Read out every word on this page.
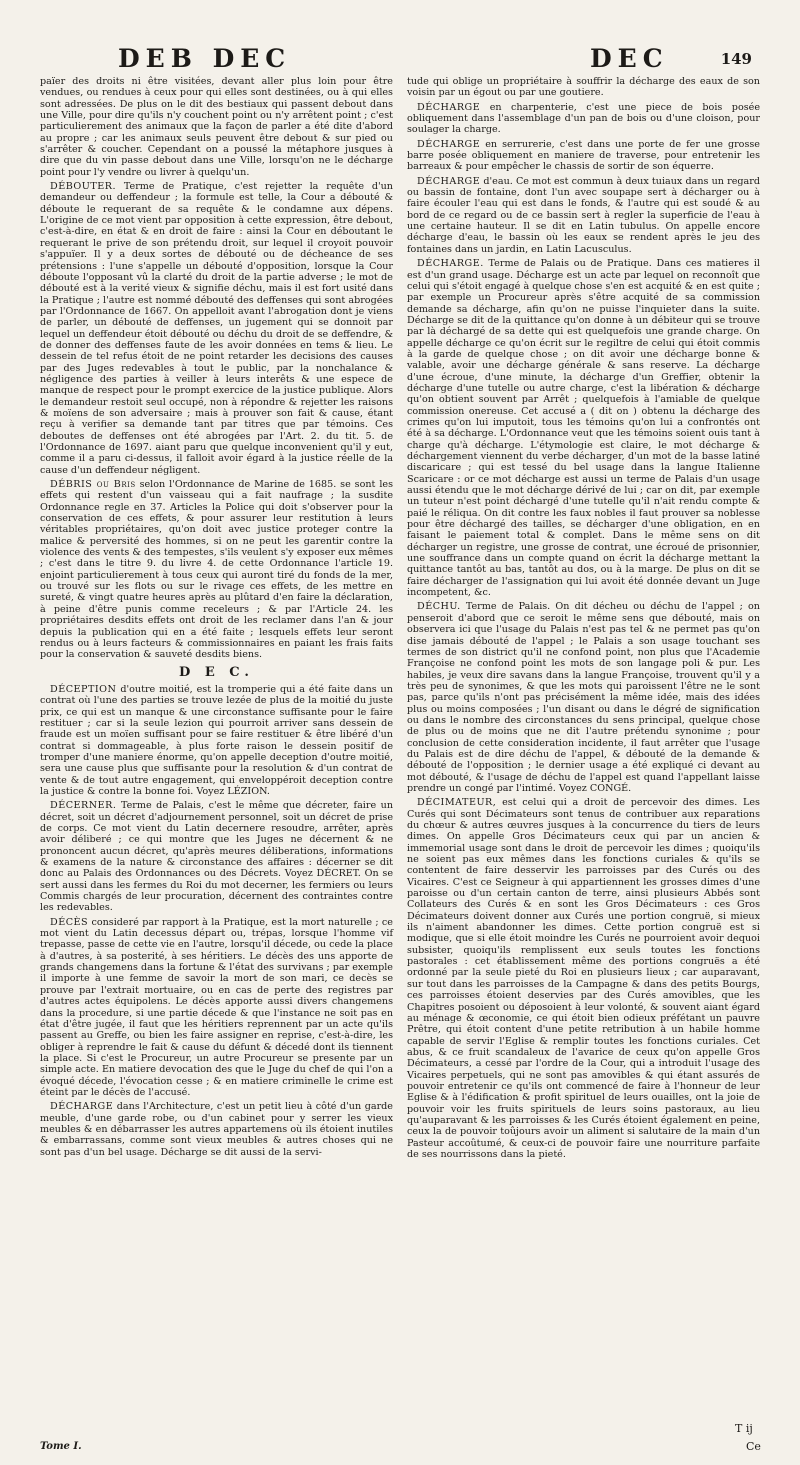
DEB DEC	DEC	149

païer des droits ni être visitées, devant aller plus loin pour être vendues, ou rendues à ceux pour qui elles sont destinées, ou à qui elles sont adressées. De plus on le dit des bestiaux qui passent debout dans une Ville, pour dire qu'ils n'y couchent point ou n'y arrêtent point ; c'est particulierement des animaux que la façon de parler a été dite d'abord au propre ; car les animaux seuls peuvent être debout & sur pied ou s'arrêter & coucher. Cependant on a poussé la métaphore jusques à dire que du vin passe debout dans une Ville, lorsqu'on ne le décharge point pour l'y vendre ou livrer à quelqu'un.

DÉBOUTER. Terme de Pratique, c'est rejetter la requête d'un demandeur ou deffendeur ; la formule est telle, la Cour a débouté & déboute le requerant de sa requête & le condamne aux dépens. L'origine de ce mot vient par opposition à cette expression, être debout, c'est-à-dire, en état & en droit de faire : ainsi la Cour en déboutant le requerant le prive de son prétendu droit, sur lequel il croyoit pouvoir s'appuïer. Il y a deux sortes de débouté ou de décheance de ses prétensions : l'une s'appelle un débouté d'opposition, lorsque la Cour déboute l'opposant vû la clarté du droit de la partie adverse ; le mot de débouté est à la verité vieux & signifie déchu, mais il est fort usité dans la Pratique ; l'autre est nommé débouté des deffenses qui sont abrogées par l'Ordonnance de 1667. On appelloit avant l'abrogation dont je viens de parler, un débouté de deffenses, un jugement qui se donnoit par lequel un deffendeur étoit débouté ou déchu du droit de se deffendre, & de donner des deffenses faute de les avoir données en tems & lieu. Le dessein de tel refus étoit de ne point retarder les decisions des causes par des Juges redevables à tout le public, par la nonchalance & négligence des parties à veiller à leurs interêts & une espece de manque de respect pour le prompt exercice de la justice publique. Alors le demandeur restoit seul occupé, non à répondre & rejetter les raisons & moïens de son adversaire ; mais à prouver son fait & cause, étant reçu à verifier sa demande tant par titres que par témoins. Ces deboutes de deffenses ont été abrogées par l'Art. 2. du tit. 5. de l'Ordonnance de 1697. aiant paru que quelque inconvenient qu'il y eut, comme il a paru ci-dessus, il falloit avoir égard à la justice réelle de la cause d'un deffendeur négligent.

DÉBRIS ou Bris selon l'Ordonnance de Marine de 1685. se sont les effets qui restent d'un vaisseau qui a fait naufrage ; la susdite Ordonnance regle en 37. Articles la Police qui doit s'observer pour la conservation de ces effets, & pour assurer leur restitution à leurs véritables propriétaires, qu'on doit avec justice proteger contre la malice & perversité des hommes, si on ne peut les garentir contre la violence des vents & des tempestes, s'ils veulent s'y exposer eux mêmes ; c'est dans le titre 9. du livre 4. de cette Ordonnance l'article 19. enjoint particulierement à tous ceux qui auront tiré du fonds de la mer, ou trouvé sur les flots ou sur le rivage ces effets, de les mettre en sureté, & vingt quatre heures après au plûtard d'en faire la déclaration, à peine d'être punis comme receleurs ; & par l'Article 24. les propriétaires desdits effets ont droit de les reclamer dans l'an & jour depuis la publication qui en a été faite ; lesquels effets leur seront rendus ou à leurs facteurs & commissionnaires en paiant les frais faits pour la conservation & sauveté desdits biens.

D E C.

DÉCEPTION d'outre moitié, est la tromperie qui a été faite dans un contrat où l'une des parties se trouve lezée de plus de la moitié du juste prix, ce qui est un manque & une circonstance suffisante pour le faire restituer ; car si la seule lezion qui pourroit arriver sans dessein de fraude est un moïen suffisant pour se faire restituer & être libéré d'un contrat si dommageable, à plus forte raison le dessein positif de tromper d'une maniere énorme, qu'on appelle deception d'outre moitié, sera une cause plus que suffisante pour la resolution & d'un contrat de vente & de tout autre engagement, qui enveloppéroit deception contre la justice & contre la bonne foi. Voyez LÉZION.

DÉCERNER. Terme de Palais, c'est le même que décreter, faire un décret, soit un décret d'adjournement personnel, soit un décret de prise de corps. Ce mot vient du Latin decernere resoudre, arrêter, après avoir déliberé ; ce qui montre que les Juges ne décernent & ne prononcent aucun décret, qu'après meures déliberations, informations & examens de la nature & circonstance des affaires : décerner se dit donc au Palais des Ordonnances ou des Décrets. Voyez DÉCRET. On se sert aussi dans les fermes du Roi du mot decerner, les fermiers ou leurs Commis chargés de leur procuration, décernent des contraintes contre les redevables.

DÉCÈS consideré par rapport à la Pratique, est la mort naturelle ; ce mot vient du Latin decessus départ ou, trépas, lorsque l'homme vif trepasse, passe de cette vie en l'autre, lorsqu'il décede, ou cede la place à d'autres, à sa posterité, à ses héritiers. Le décès des uns apporte de grands changemens dans la fortune & l'état des survivans ; par exemple il importe à une femme de savoir la mort de son mari, ce decès se prouve par l'extrait mortuaire, ou en cas de perte des registres par d'autres actes équipolens. Le décès apporte aussi divers changemens dans la procedure, si une partie décede & que l'instance ne soit pas en état d'être jugée, il faut que les héritiers reprennent par un acte qu'ils passent au Greffe, ou bien les faire assigner en reprise, c'est-à-dire, les obliger à reprendre le fait & cause du défunt & décedé dont ils tiennent la place. Si c'est le Procureur, un autre Procureur se presente par un simple acte. En matiere devocation des que le Juge du chef de qui l'on a évoqué décede, l'évocation cesse ; & en matiere criminelle le crime est éteint par le décès de l'accusé.

DÉCHARGE dans l'Architecture, c'est un petit lieu à côté d'un garde meuble, d'une garde robe, ou d'un cabinet pour y serrer les vieux meubles & en débarrasser les autres appartemens où ils étoient inutiles & embarrassans, comme sont vieux meubles & autres choses qui ne sont pas d'un bel usage. Décharge se dit aussi de la servi-

tude qui oblige un propriétaire à souffrir la décharge des eaux de son voisin par un égout ou par une goutiere.

DÉCHARGE en charpenterie, c'est une piece de bois posée obliquement dans l'assemblage d'un pan de bois ou d'une cloison, pour soulager la charge.

DÉCHARGE en serrurerie, c'est dans une porte de fer une grosse barre posée obliquement en maniere de traverse, pour entretenir les barreaux & pour empêcher le chassis de sortir de son équerre.

DÉCHARGE d'eau. Ce mot est commun à deux tuiaux dans un regard ou bassin de fontaine, dont l'un avec soupape sert à décharger ou à faire écouler l'eau qui est dans le fonds, & l'autre qui est soudé & au bord de ce regard ou de ce bassin sert à regler la superficie de l'eau à une certaine hauteur. Il se dit en Latin tubulus. On appelle encore décharge d'eau, le bassin où les eaux se rendent après le jeu des fontaines dans un jardin, en Latin Lacusculus.

DÉCHARGE. Terme de Palais ou de Pratique. Dans ces matieres il est d'un grand usage. Décharge est un acte par lequel on reconnoît que celui qui s'étoit engagé à quelque chose s'en est acquité & en est quite ; par exemple un Procureur après s'être acquité de sa commission demande sa décharge, afin qu'on ne puisse l'inquieter dans la suite. Décharge se dit de la quittance qu'on donne à un débiteur qui se trouve par là déchargé de sa dette qui est quelquefois une grande charge. On appelle décharge ce qu'on écrit sur le regiltre de celui qui étoit commis à la garde de quelque chose ; on dit avoir une décharge bonne & valable, avoir une décharge générale & sans reserve. La décharge d'une écroue, d'une minute, la décharge d'un Greffier, obtenir la décharge d'une tutelle ou autre charge, c'est la libération & décharge qu'on obtient souvent par Arrêt ; quelquefois à l'amiable de quelque commission onereuse. Cet accusé a ( dit on ) obtenu la décharge des crimes qu'on lui imputoit, tous les témoins qu'on lui a confrontés ont été à sa décharge. L'Ordonnance veut que les témoins soient ouis tant à charge qu'à décharge. L'étymologie est claire, le mot décharge & déchargement viennent du verbe décharger, d'un mot de la basse latiné discaricare ; qui est tessé du bel usage dans la langue Italienne Scaricare : or ce mot décharge est aussi un terme de Palais d'un usage aussi étendu que le mot décharge dérivé de lui ; car on dit, par exemple un tuteur n'est point déchargé d'une tutelle qu'il n'ait rendu compte & paié le réliqua. On dit contre les faux nobles il faut prouver sa noblesse pour être déchargé des tailles, se décharger d'une obligation, en en faisant le paiement total & complet. Dans le même sens on dit décharger un registre, une grosse de contrat, une écroué de prisonnier, une souffrance dans un compte quand on écrit la décharge mettant la quittance tantôt au bas, tantôt au dos, ou à la marge. De plus on dit se faire décharger de l'assignation qui lui avoit été donnée devant un Juge incompetent, &c.

DÉCHU. Terme de Palais. On dit décheu ou déchu de l'appel ; on penseroit d'abord que ce seroit le même sens que débouté, mais on observera ici que l'usage du Palais n'est pas tel & ne permet pas qu'on dise jamais débouté de l'appel ; le Palais a son usage touchant ses termes de son district qu'il ne confond point, non plus que l'Academie Françoise ne confond point les mots de son langage poli & pur. Les habiles, je veux dire savans dans la langue Françoise, trouvent qu'il y a très peu de synonimes, & que les mots qui paroissent l'être ne le sont pas, parce qu'ils n'ont pas précisément la même idée, mais des idées plus ou moins composées ; l'un disant ou dans le dégré de signification ou dans le nombre des circonstances du sens principal, quelque chose de plus ou de moins que ne dit l'autre prétendu synonime ; pour conclusion de cette consideration incidente, il faut arrêter que l'usage du Palais est de dire déchu de l'appel, & débouté de la demande & débouté de l'opposition ; le dernier usage a été expliqué ci devant au mot débouté, & l'usage de déchu de l'appel est quand l'appellant laisse prendre un congé par l'intimé. Voyez CONGÉ.

DÉCIMATEUR, est celui qui a droit de percevoir des dimes. Les Curés qui sont Décimateurs sont tenus de contribuer aux reparations du chœur & autres œuvres jusques à la concurrence du tiers de leurs dimes. On appelle Gros Décimateurs ceux qui par un ancien & immemorial usage sont dans le droit de percevoir les dimes ; quoiqu'ils ne soient pas eux mêmes dans les fonctions curiales & qu'ils se contentent de faire desservir les parroisses par des Curés ou des Vicaires. C'est ce Seigneur à qui appartiennent les grosses dimes d'une paroisse ou d'un certain canton de terre, ainsi plusieurs Abbés sont Collateurs des Curés & en sont les Gros Décimateurs : ces Gros Décimateurs doivent donner aux Curés une portion congruë, si mieux ils n'aiment abandonner les dimes. Cette portion congruë est si modique, que si elle étoit moindre les Curés ne pourroient avoir dequoi subsister, quoiqu'ils remplissent eux seuls toutes les fonctions pastorales : cet établissement même des portions congruës a été ordonné par la seule pieté du Roi en plusieurs lieux ; car auparavant, sur tout dans les parroisses de la Campagne & dans des petits Bourgs, ces parroisses étoient deservies par des Curés amovibles, que les Chapitres posoient ou déposoient à leur volonté, & souvent aiant égard au ménage & œconomie, ce qui étoit bien odieux préfétant un pauvre Prêtre, qui étoit content d'une petite retribution à un habile homme capable de servir l'Eglise & remplir toutes les fonctions curiales. Cet abus, & ce fruit scandaleux de l'avarice de ceux qu'on appelle Gros Décimateurs, a cessé par l'ordre de la Cour, qui a introduit l'usage des Vicaires perpetuels, qui ne sont pas amovibles & qui étant assurés de pouvoir entretenir ce qu'ils ont commencé de faire à l'honneur de leur Eglise & à l'édification & profit spirituel de leurs ouailles, ont la joie de pouvoir voir les fruits spirituels de leurs soins pastoraux, au lieu qu'auparavant & les parroisses & les Curés étoient également en peine, ceux la de pouvoir toûjours avoir un aliment si salutaire de la main d'un Pasteur accoûtumé, & ceux-ci de pouvoir faire une nourriture parfaite de ses nourrissons dans la pieté.

Tome I.
T ij
Ce
